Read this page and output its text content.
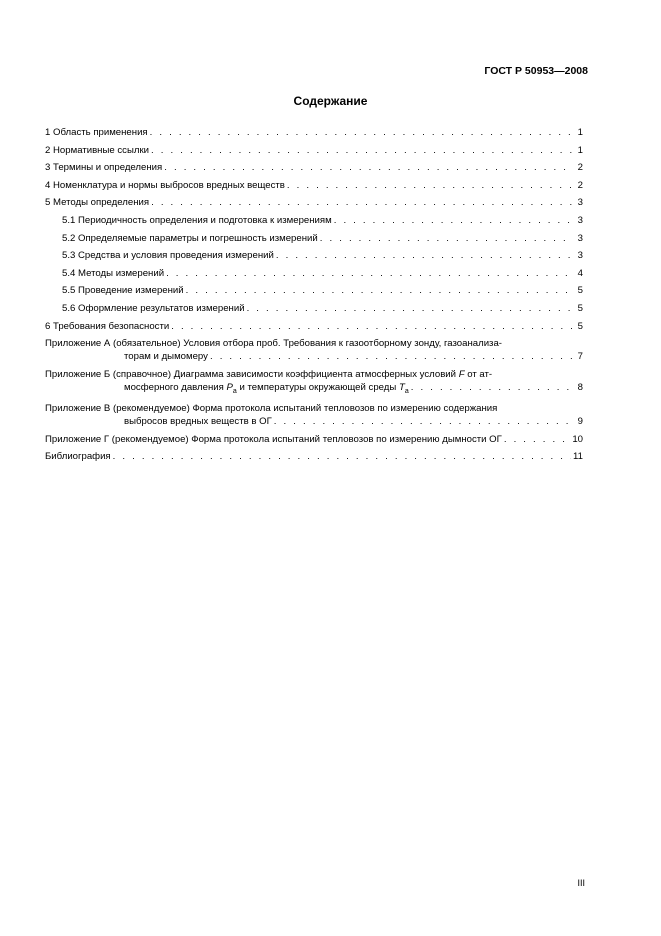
ГОСТ Р 50953—2008
Содержание
1 Область применения . . .	1
2 Нормативные ссылки . . .	1
3 Термины и определения . . .	2
4 Номенклатура и нормы выбросов вредных веществ . . .	2
5 Методы определения . . .	3
5.1 Периодичность определения и подготовка к измерениям . . .	3
5.2 Определяемые параметры и погрешность измерений . . .	3
5.3 Средства и условия проведения измерений . . .	3
5.4 Методы измерений . . .	4
5.5 Проведение измерений . . .	5
5.6 Оформление результатов измерений . . .	5
6 Требования безопасности . . .	5
Приложение А (обязательное) Условия отбора проб. Требования к газоотборному зонду, газоанализа-
торам и дымомеру . . .	7
Приложение Б (справочное) Диаграмма зависимости коэффициента атмосферных условий F от ат-
мосферного давления $P_a$ и температуры окружающей среды $T_a$ . . .	8
Приложение В (рекомендуемое) Форма протокола испытаний тепловозов по измерению содержания
выбросов вредных веществ в ОГ . . .	9
Приложение Г (рекомендуемое) Форма протокола испытаний тепловозов по измерению дымности ОГ . . .	10
Библиография . . .	11
III
